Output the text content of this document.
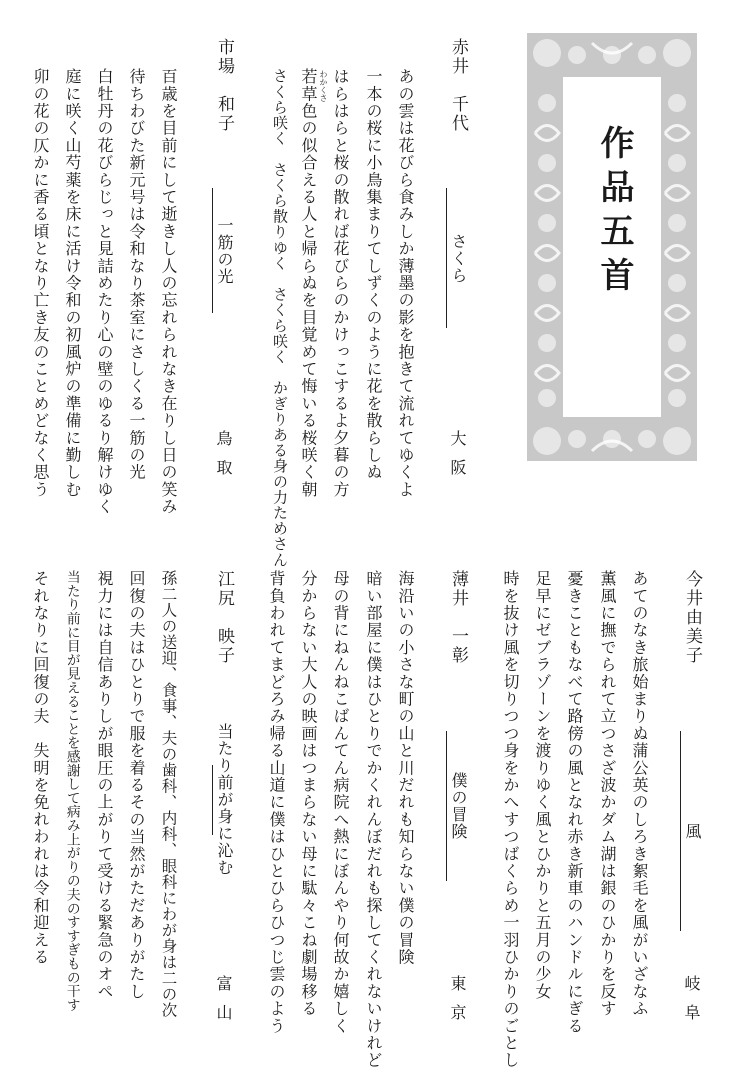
作品五首
赤井　千代
さくら
大阪
あの雲は花びら食みしか薄墨の影を抱きて流れてゆくよ
一本の桜に小鳥集まりてしずくのように花を散らしぬ
はらはらと桜の散れば花びらのかけっこするよ夕暮の方
若草色の似合える人と帰らぬを目覚めて悔いる桜咲く朝 わかくさ
さくら咲く　さくら散りゆく　さくら咲く　かぎりある身の力ためさん
市場　和子
一筋の光
鳥取
百歳を目前にして逝きし人の忘れられなき在りし日の笑み
待ちわびた新元号は令和なり茶室にさしくる一筋の光
白牡丹の花びらじっと見詰めたり心の壁のゆるり解けゆく
庭に咲く山芍薬を床に活け令和の初風炉の準備に勤しむ
卯の花の仄かに香る頃となり亡き友のことめどなく思う
今井由美子
風
岐阜
あてのなき旅始まりぬ蒲公英のしろき絮毛を風がいざなふ
薫風に撫でられて立つさざ波かダム湖は銀のひかりを反す
憂きこともなべて路傍の風となれ赤き新車のハンドルにぎる
足早にゼブラゾーンを渡りゆく風とひかりと五月の少女
時を抜け風を切りつつ身をかへすつばくらめ一羽ひかりのごとし
薄井　一彰
僕の冒険
東京
海沿いの小さな町の山と川だれも知らない僕の冒険
暗い部屋に僕はひとりでかくれんぼだれも探してくれないけれど
母の背にねんねこばんてん病院へ熱にぼんやり何故か嬉しく
分からない大人の映画はつまらない母に駄々こね劇場移る
背負われてまどろみ帰る山道に僕はひとひらひつじ雲のよう
江尻　映子
当たり前が身に沁む
富山
孫二人の送迎、食事、夫の歯科、内科、眼科にわが身は二の次
回復の夫はひとりで服を着るその当然がただありがたし
視力には自信ありしが眼圧の上がりて受ける緊急のオペ
当たり前に目が見えることを感謝して病み上がりの夫のすすぎもの干す
それなりに回復の夫　失明を免れわれは令和迎える
